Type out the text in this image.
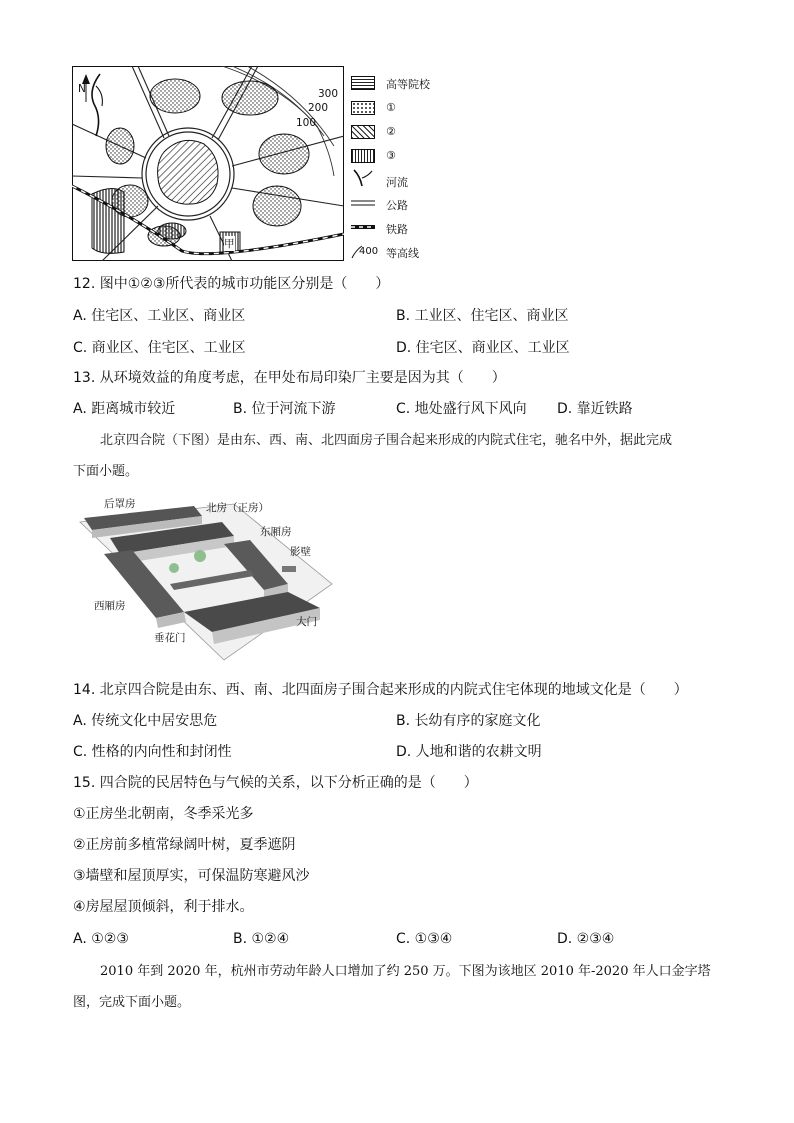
N	300
200
100
甲
高等院校
①
②
③
河流
公路
铁路
400 等高线
12. 图中①②③所代表的城市功能区分别是（　　）
A. 住宅区、工业区、商业区	B. 工业区、住宅区、商业区
C. 商业区、住宅区、工业区	D. 住宅区、商业区、工业区
13. 从环境效益的角度考虑，在甲处布局印染厂主要是因为其（　　）
A. 距离城市较近	B. 位于河流下游	C. 地处盛行风下风向 D. 靠近铁路
北京四合院（下图）是由东、西、南、北四面房子围合起来形成的内院式住宅，驰名中外，据此完成
下面小题。
后罩房	北房（正房）
东厢房
影壁
西厢房
大门
垂花门
14. 北京四合院是由东、西、南、北四面房子围合起来形成的内院式住宅体现的地域文化是（　　）
A. 传统文化中居安思危	B. 长幼有序的家庭文化
C. 性格的内向性和封闭性	D. 人地和谐的农耕文明
15. 四合院的民居特色与气候的关系，以下分析正确的是（　　）
①正房坐北朝南，冬季采光多
②正房前多植常绿阔叶树，夏季遮阴
③墙壁和屋顶厚实，可保温防寒避风沙
④房屋屋顶倾斜，利于排水。
A. ①②③	B. ①②④	C. ①③④	D. ②③④
2010 年到 2020 年，杭州市劳动年龄人口增加了约 250 万。下图为该地区 2010 年-2020 年人口金字塔
图，完成下面小题。
